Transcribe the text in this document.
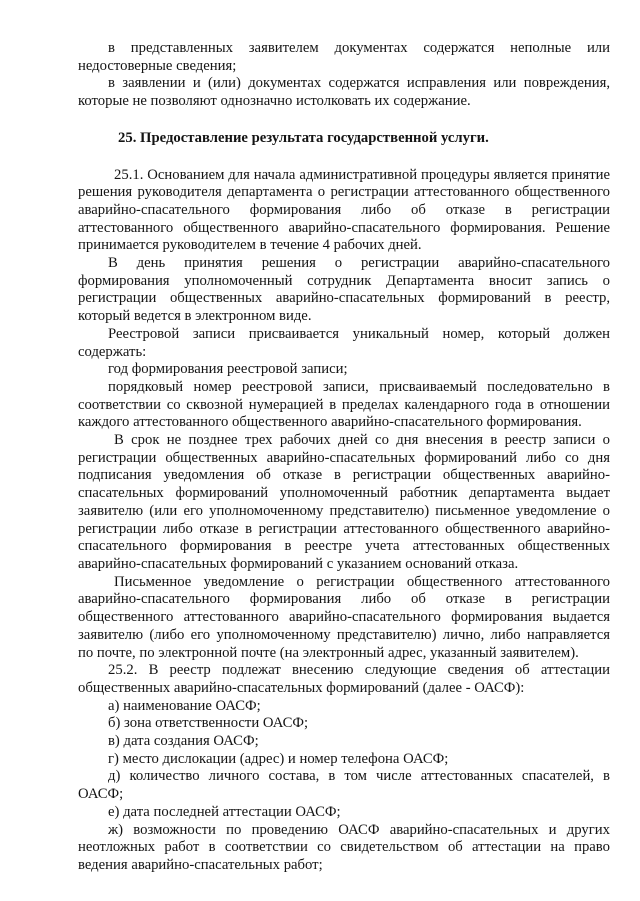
в представленных заявителем документах содержатся неполные или недостоверные сведения;

в заявлении и (или) документах содержатся исправления или повреждения, которые не позволяют однозначно истолковать их содержание.

25. Предоставление результата государственной услуги.

25.1. Основанием для начала административной процедуры является принятие решения руководителя департамента о регистрации аттестованного общественного аварийно-спасательного формирования либо об отказе в регистрации аттестованного общественного аварийно-спасательного формирования. Решение принимается руководителем в течение 4 рабочих дней.

В день принятия решения о регистрации аварийно-спасательного формирования уполномоченный сотрудник Департамента вносит запись о регистрации общественных аварийно-спасательных формирований в реестр, который ведется в электронном виде.

Реестровой записи присваивается уникальный номер, который должен содержать:

год формирования реестровой записи;

порядковый номер реестровой записи, присваиваемый последовательно в соответствии со сквозной нумерацией в пределах календарного года в отношении каждого аттестованного общественного аварийно-спасательного формирования.

В срок не позднее трех рабочих дней со дня внесения в реестр записи о регистрации общественных аварийно-спасательных формирований либо со дня подписания уведомления об отказе в регистрации общественных аварийно-спасательных формирований уполномоченный работник департамента выдает заявителю (или его уполномоченному представителю) письменное уведомление о регистрации либо отказе в регистрации аттестованного общественного аварийно-спасательного формирования в реестре учета аттестованных общественных аварийно-спасательных формирований с указанием оснований отказа.

Письменное уведомление о регистрации общественного аттестованного аварийно-спасательного формирования либо об отказе в регистрации общественного аттестованного аварийно-спасательного формирования выдается заявителю (либо его уполномоченному представителю) лично, либо направляется по почте, по электронной почте (на электронный адрес, указанный заявителем).

25.2. В реестр подлежат внесению следующие сведения об аттестации общественных аварийно-спасательных формирований (далее - ОАСФ):

а) наименование ОАСФ;

б) зона ответственности ОАСФ;

в) дата создания ОАСФ;

г) место дислокации (адрес) и номер телефона ОАСФ;

д) количество личного состава, в том числе аттестованных спасателей, в ОАСФ;

е) дата последней аттестации ОАСФ;

ж) возможности по проведению ОАСФ аварийно-спасательных и других неотложных работ в соответствии со свидетельством об аттестации на право ведения аварийно-спасательных работ;
